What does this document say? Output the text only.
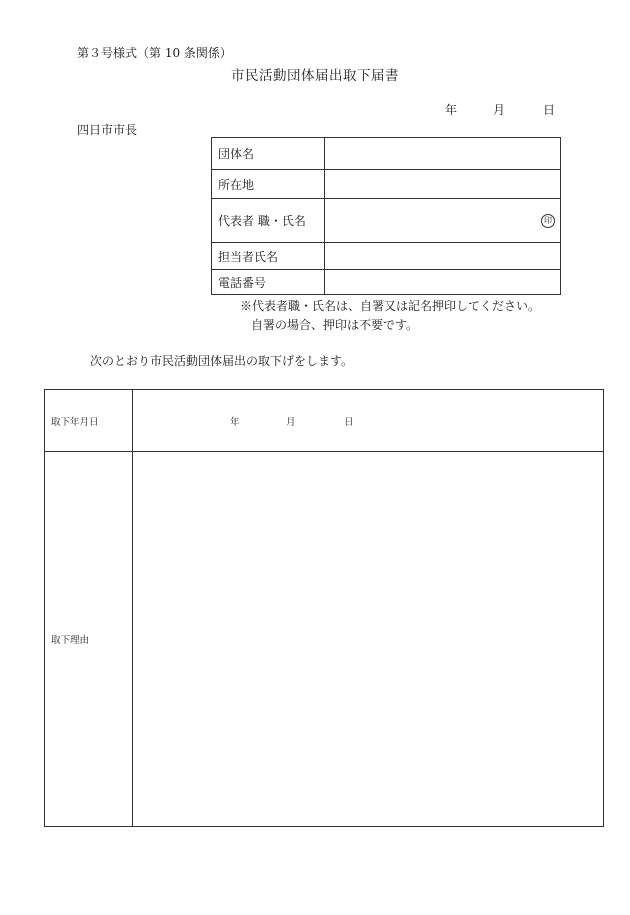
第３号様式（第 10 条関係）
市民活動団体届出取下届書
年	月	日
四日市市長
団体名	
所在地	
代表者 職・氏名	印

担当者氏名	
電話番号	
※代表者職・氏名は、自署又は記名押印してください。
自署の場合、押印は不要です。
次のとおり市民活動団体届出の取下げをします。
取下年月日	年 月 日

取下理由	
